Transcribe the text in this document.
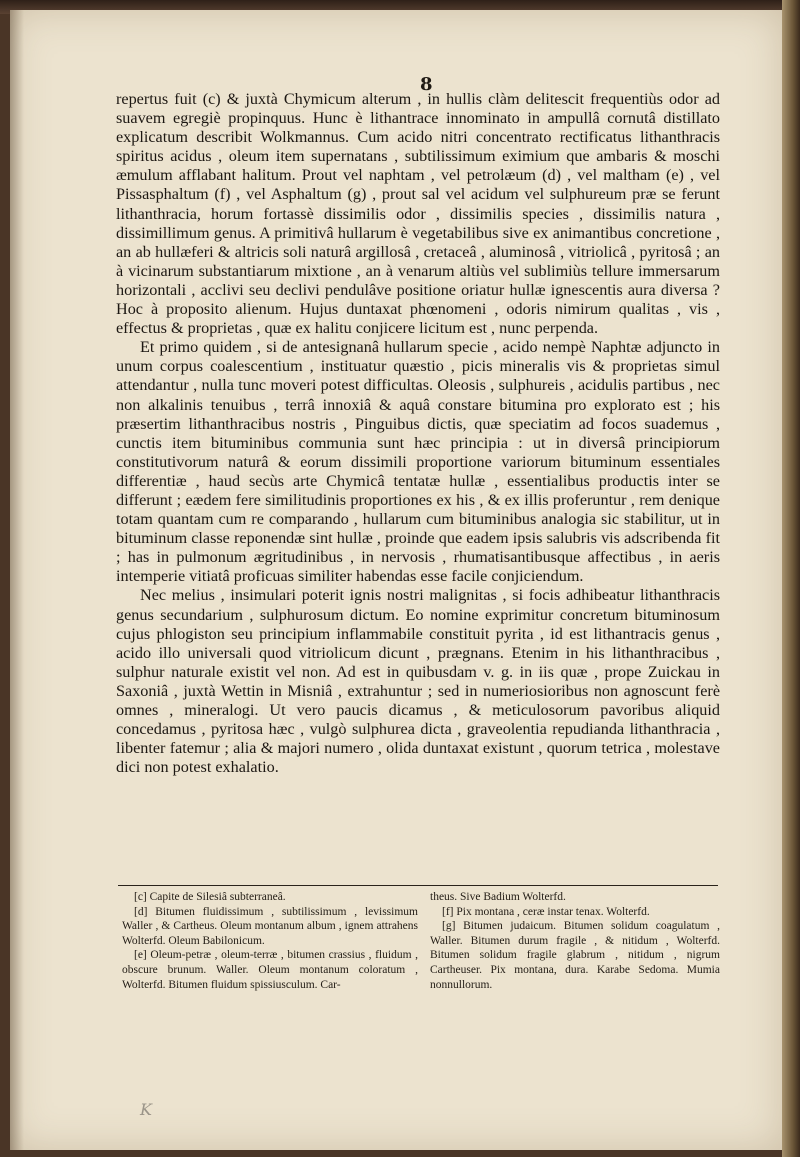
8

repertus fuit (c) & juxtà Chymicum alterum , in hullis clàm delitescit frequentiùs odor ad suavem egregiè propinquus. Hunc è lithantrace innominato in ampullâ cornutâ distillato explicatum describit Wolkmannus. Cum acido nitri concentrato rectificatus lithanthracis spiritus acidus , oleum item supernatans , subtilissimum eximium que ambaris & moschi æmulum afflabant halitum. Prout vel naphtam , vel petrolæum (d) , vel maltham (e) , vel Pissasphaltum (f) , vel Asphaltum (g) , prout sal vel acidum vel sulphureum præ se ferunt lithanthracia, horum fortassè dissimilis odor , dissimilis species , dissimilis natura , dissimillimum genus. A primitivâ hullarum è vegetabilibus sive ex animantibus concretione , an ab hullæferi & altricis soli naturâ argillosâ , cretaceâ , aluminosâ , vitriolicâ , pyritosâ ; an à vicinarum substantiarum mixtione , an à venarum altiùs vel sublimiùs tellure immersarum horizontali , acclivi seu declivi pendulâve positione oriatur hullæ ignescentis aura diversa ? Hoc à proposito alienum. Hujus duntaxat phœnomeni , odoris nimirum qualitas , vis , effectus & proprietas , quæ ex halitu conjicere licitum est , nunc perpenda.

Et primo quidem , si de antesignanâ hullarum specie , acido nempè Naphtæ adjuncto in unum corpus coalescentium , instituatur quæstio , picis mineralis vis & proprietas simul attendantur , nulla tunc moveri potest difficultas. Oleosis , sulphureis , acidulis partibus , nec non alkalinis tenuibus , terrâ innoxiâ & aquâ constare bitumina pro explorato est ; his præsertim lithanthracibus nostris , Pinguibus dictis, quæ speciatim ad focos suademus , cunctis item bituminibus communia sunt hæc principia : ut in diversâ principiorum constitutivorum naturâ & eorum dissimili proportione variorum bituminum essentiales differentiæ , haud secùs arte Chymicâ tentatæ hullæ , essentialibus productis inter se differunt ; eædem fere similitudinis proportiones ex his , & ex illis proferuntur , rem denique totam quantam cum re comparando , hullarum cum bituminibus analogia sic stabilitur, ut in bituminum classe reponendæ sint hullæ , proinde que eadem ipsis salubris vis adscribenda fit ; has in pulmonum ægritudinibus , in nervosis , rhumatisantibusque affectibus , in aeris intemperie vitiatâ proficuas similiter habendas esse facile conjiciendum.

Nec melius , insimulari poterit ignis nostri malignitas , si focis adhibeatur lithanthracis genus secundarium , sulphurosum dictum. Eo nomine exprimitur concretum bituminosum cujus phlogiston seu principium inflammabile constituit pyrita , id est lithantracis genus , acido illo universali quod vitriolicum dicunt , prægnans. Etenim in his lithanthracibus , sulphur naturale existit vel non. Ad est in quibusdam v. g. in iis quæ , prope Zuickau in Saxoniâ , juxtà Wettin in Misniâ , extrahuntur ; sed in numeriosioribus non agnoscunt ferè omnes , mineralogi. Ut vero paucis dicamus , & meticulosorum pavoribus aliquid concedamus , pyritosa hæc , vulgò sulphurea dicta , graveolentia repudianda lithanthracia , libenter fatemur ; alia & majori numero , olida duntaxat existunt , quorum tetrica , molestave dici non potest exhalatio.

[c] Capite de Silesiâ subterraneâ.

[d] Bitumen fluidissimum , subtilissimum , levissimum Waller , & Cartheus. Oleum montanum album , ignem attrahens Wolterfd. Oleum Babilonicum.

[e] Oleum-petræ , oleum-terræ , bitumen crassius , fluidum , obscure brunum. Waller. Oleum montanum coloratum , Wolterfd. Bitumen fluidum spissiusculum. Car-

theus. Sive Badium Wolterfd.

[f] Pix montana , ceræ instar tenax. Wolterfd.

[g] Bitumen judaicum. Bitumen solidum coagulatum , Waller. Bitumen durum fragile , & nitidum , Wolterfd. Bitumen solidum fragile glabrum , nitidum , nigrum Cartheuser. Pix montana, dura. Karabe Sedoma. Mumia nonnullorum.

K
